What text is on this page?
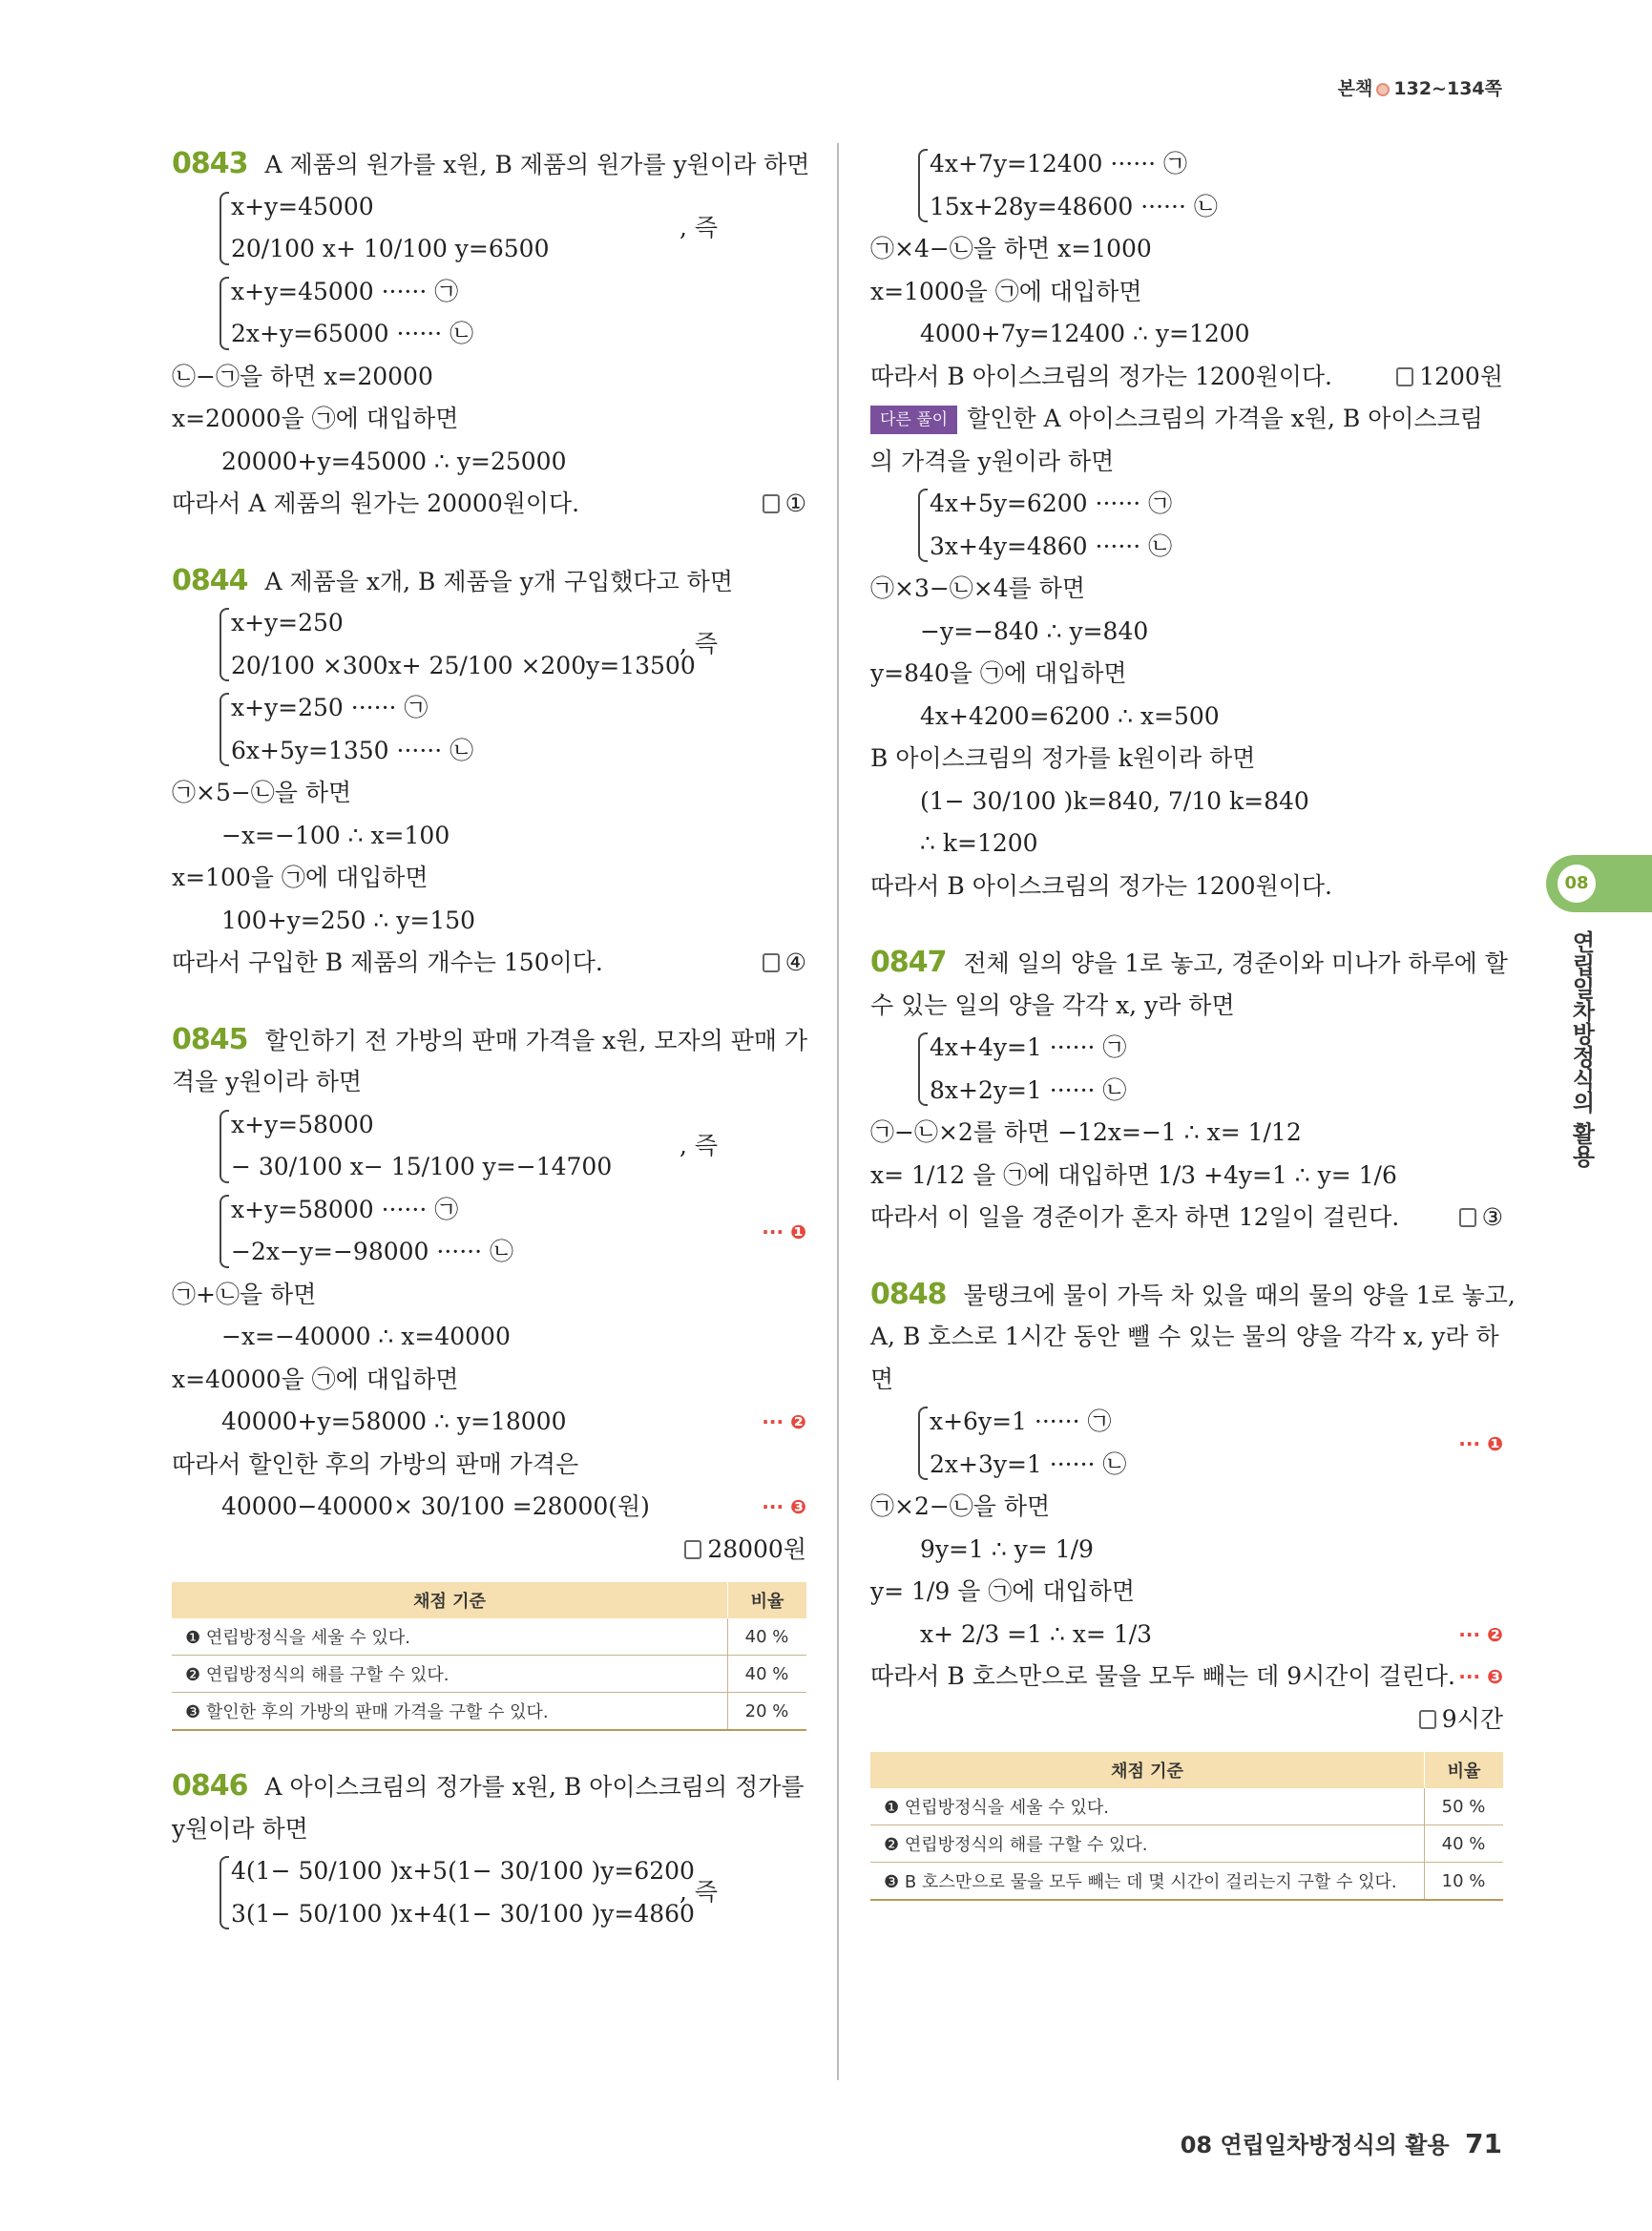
본책 132~134쪽
0843 A 제품의 원가를 x원, B 제품의 원가를 y원이라 하면
x+y=45000
, 즉
20/100 x+ 10/100 y=6500
x+y=45000 ······ ㉠
2x+y=65000 ······ ㉡
㉡−㉠을 하면 x=20000
x=20000을 ㉠에 대입하면
20000+y=45000 ∴ y=25000
따라서 A 제품의 원가는 20000원이다.	①
0844 A 제품을 x개, B 제품을 y개 구입했다고 하면
x+y=250
, 즉
20/100 ×300x+ 25/100 ×200y=13500
x+y=250 ······ ㉠
6x+5y=1350 ······ ㉡
㉠×5−㉡을 하면
−x=−100 ∴ x=100
x=100을 ㉠에 대입하면
100+y=250 ∴ y=150
따라서 구입한 B 제품의 개수는 150이다.	④
0845 할인하기 전 가방의 판매 가격을 x원, 모자의 판매 가
격을 y원이라 하면
x+y=58000
, 즉
− 30/100 x− 15/100 y=−14700
x+y=58000 ······ ㉠
−2x−y=−98000 ······ ㉡
··· ❶
㉠+㉡을 하면
−x=−40000 ∴ x=40000
x=40000을 ㉠에 대입하면
40000+y=58000 ∴ y=18000	··· ❷
따라서 할인한 후의 가방의 판매 가격은
40000−40000× 30/100 =28000(원)	··· ❸
28000원
채점 기준	비율
❶ 연립방정식을 세울 수 있다.	40 %
❷ 연립방정식의 해를 구할 수 있다.	40 %
❸ 할인한 후의 가방의 판매 가격을 구할 수 있다.	20 %
0846 A 아이스크림의 정가를 x원, B 아이스크림의 정가를
y원이라 하면
4(1− 50/100 )x+5(1− 30/100 )y=6200
, 즉
3(1− 50/100 )x+4(1− 30/100 )y=4860
4x+7y=12400 ······ ㉠
15x+28y=48600 ······ ㉡
㉠×4−㉡을 하면 x=1000
x=1000을 ㉠에 대입하면
4000+7y=12400 ∴ y=1200
따라서 B 아이스크림의 정가는 1200원이다.	1200원
다른 풀이 할인한 A 아이스크림의 가격을 x원, B 아이스크림
의 가격을 y원이라 하면
4x+5y=6200 ······ ㉠
3x+4y=4860 ······ ㉡
㉠×3−㉡×4를 하면
−y=−840 ∴ y=840
y=840을 ㉠에 대입하면
4x+4200=6200 ∴ x=500
B 아이스크림의 정가를 k원이라 하면
(1− 30/100 )k=840, 7/10 k=840
∴ k=1200
따라서 B 아이스크림의 정가는 1200원이다.
0847 전체 일의 양을 1로 놓고, 경준이와 미나가 하루에 할
수 있는 일의 양을 각각 x, y라 하면
4x+4y=1 ······ ㉠
8x+2y=1 ······ ㉡
㉠−㉡×2를 하면 −12x=−1 ∴ x= 1/12
x= 1/12 을 ㉠에 대입하면 1/3 +4y=1 ∴ y= 1/6
따라서 이 일을 경준이가 혼자 하면 12일이 걸린다.	③
0848 물탱크에 물이 가득 차 있을 때의 물의 양을 1로 놓고,
A, B 호스로 1시간 동안 뺄 수 있는 물의 양을 각각 x, y라 하
면
x+6y=1 ······ ㉠
2x+3y=1 ······ ㉡
··· ❶
㉠×2−㉡을 하면
9y=1 ∴ y= 1/9
y= 1/9 을 ㉠에 대입하면
x+ 2/3 =1 ∴ x= 1/3	··· ❷
따라서 B 호스만으로 물을 모두 빼는 데 9시간이 걸린다. ··· ❸
9시간
채점 기준	비율
❶ 연립방정식을 세울 수 있다.	50 %
❷ 연립방정식의 해를 구할 수 있다.	40 %
❸ B 호스만으로 물을 모두 빼는 데 몇 시간이 걸리는지 구할 수 있다.	10 %
08
연립일차방정식의 활용
08 연립일차방정식의 활용 71
